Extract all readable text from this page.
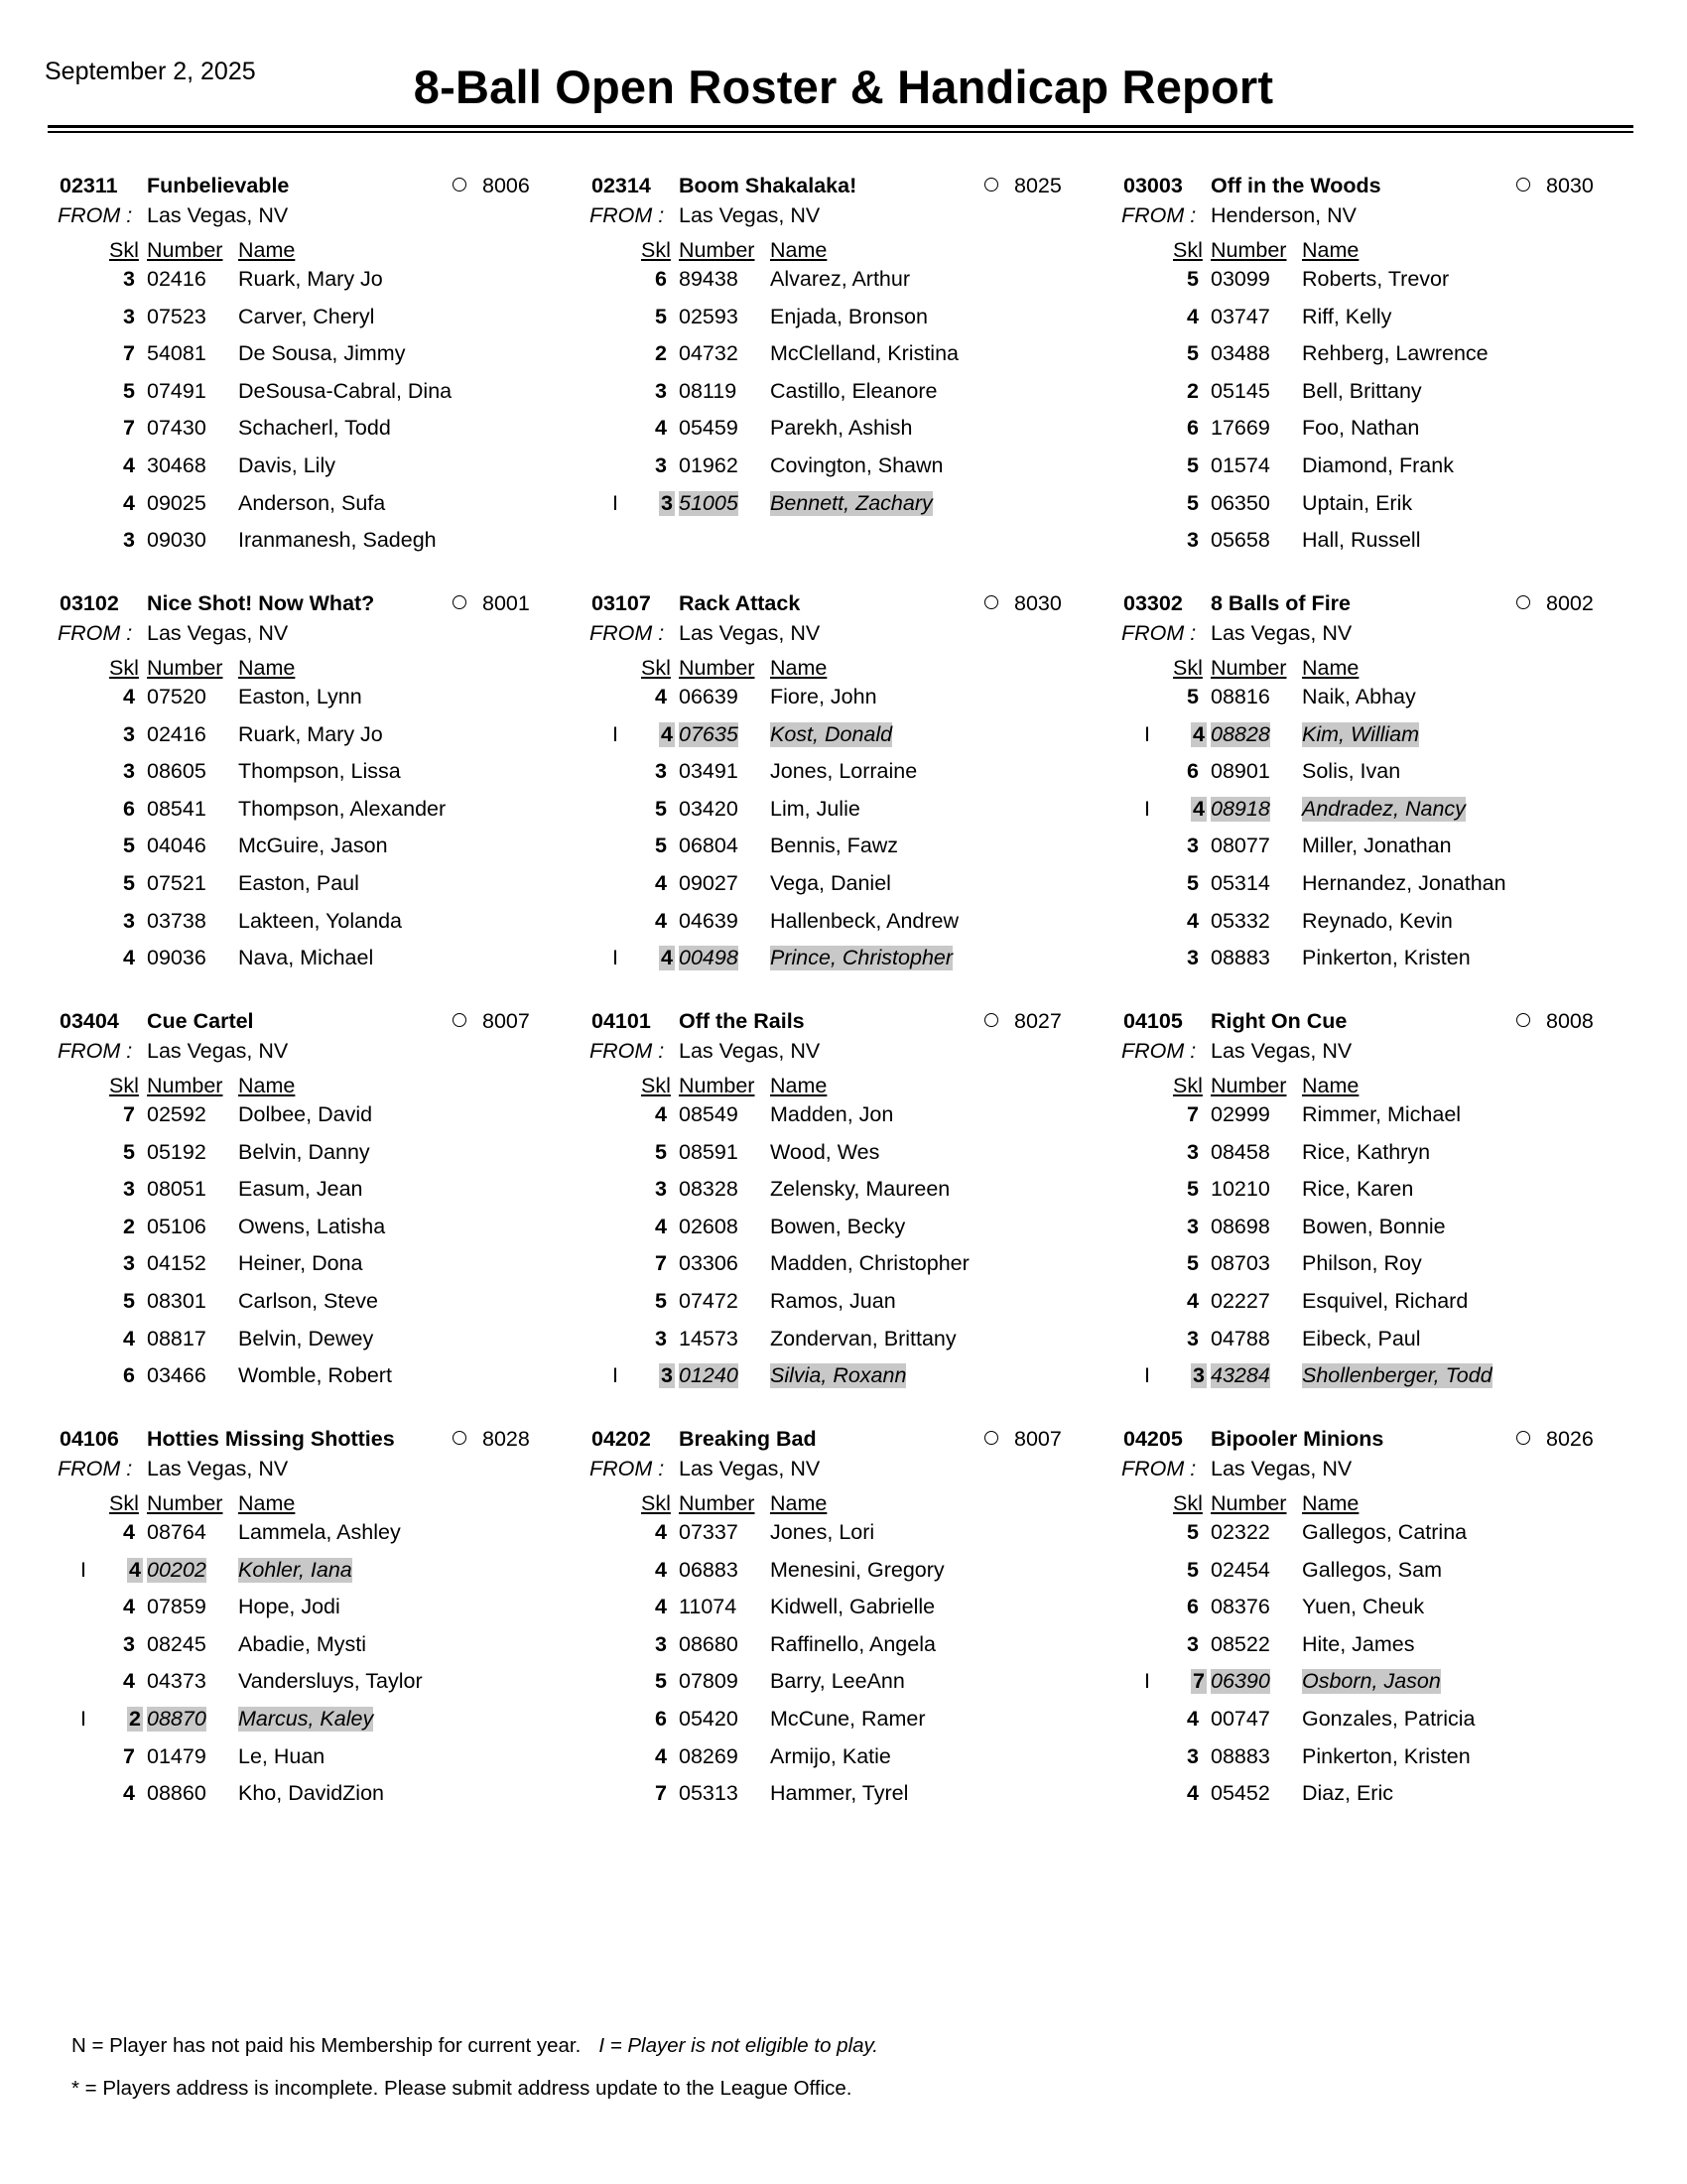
September 2, 2025	8-Ball Open Roster & Handicap Report
02311 Funbelievable	8006
FROM : Las Vegas, NV
Skl Number Name
3 02416 Ruark, Mary Jo
3 07523 Carver, Cheryl
7 54081 De Sousa, Jimmy
5 07491 DeSousa-Cabral, Dina
7 07430 Schacherl, Todd
4 30468 Davis, Lily
4 09025 Anderson, Sufa
3 09030 Iranmanesh, Sadegh
02314 Boom Shakalaka!	8025
FROM : Las Vegas, NV
Skl Number Name
6 89438 Alvarez, Arthur
5 02593 Enjada, Bronson
2 04732 McClelland, Kristina
3 08119 Castillo, Eleanore
4 05459 Parekh, Ashish
3 01962 Covington, Shawn
I 3 51005 Bennett, Zachary
03003 Off in the Woods	8030
FROM : Henderson, NV
Skl Number Name
5 03099 Roberts, Trevor
4 03747 Riff, Kelly
5 03488 Rehberg, Lawrence
2 05145 Bell, Brittany
6 17669 Foo, Nathan
5 01574 Diamond, Frank
5 06350 Uptain, Erik
3 05658 Hall, Russell
03102 Nice Shot! Now What?	8001
FROM : Las Vegas, NV
Skl Number Name
4 07520 Easton, Lynn
3 02416 Ruark, Mary Jo
3 08605 Thompson, Lissa
6 08541 Thompson, Alexander
5 04046 McGuire, Jason
5 07521 Easton, Paul
3 03738 Lakteen, Yolanda
4 09036 Nava, Michael
03107 Rack Attack	8030
FROM : Las Vegas, NV
Skl Number Name
4 06639 Fiore, John
I 4 07635 Kost, Donald
3 03491 Jones, Lorraine
5 03420 Lim, Julie
5 06804 Bennis, Fawz
4 09027 Vega, Daniel
4 04639 Hallenbeck, Andrew
I 4 00498 Prince, Christopher
03302 8 Balls of Fire	8002
FROM : Las Vegas, NV
Skl Number Name
5 08816 Naik, Abhay
I 4 08828 Kim, William
6 08901 Solis, Ivan
I 4 08918 Andradez, Nancy
3 08077 Miller, Jonathan
5 05314 Hernandez, Jonathan
4 05332 Reynado, Kevin
3 08883 Pinkerton, Kristen
03404 Cue Cartel	8007
FROM : Las Vegas, NV
Skl Number Name
7 02592 Dolbee, David
5 05192 Belvin, Danny
3 08051 Easum, Jean
2 05106 Owens, Latisha
3 04152 Heiner, Dona
5 08301 Carlson, Steve
4 08817 Belvin, Dewey
6 03466 Womble, Robert
04101 Off the Rails	8027
FROM : Las Vegas, NV
Skl Number Name
4 08549 Madden, Jon
5 08591 Wood, Wes
3 08328 Zelensky, Maureen
4 02608 Bowen, Becky
7 03306 Madden, Christopher
5 07472 Ramos, Juan
3 14573 Zondervan, Brittany
I 3 01240 Silvia, Roxann
04105 Right On Cue	8008
FROM : Las Vegas, NV
Skl Number Name
7 02999 Rimmer, Michael
3 08458 Rice, Kathryn
5 10210 Rice, Karen
3 08698 Bowen, Bonnie
5 08703 Philson, Roy
4 02227 Esquivel, Richard
3 04788 Eibeck, Paul
I 3 43284 Shollenberger, Todd
04106 Hotties Missing Shotties	8028
FROM : Las Vegas, NV
Skl Number Name
4 08764 Lammela, Ashley
I 4 00202 Kohler, Iana
4 07859 Hope, Jodi
3 08245 Abadie, Mysti
4 04373 Vandersluys, Taylor
I 2 08870 Marcus, Kaley
7 01479 Le, Huan
4 08860 Kho, DavidZion
04202 Breaking Bad	8007
FROM : Las Vegas, NV
Skl Number Name
4 07337 Jones, Lori
4 06883 Menesini, Gregory
4 11074 Kidwell, Gabrielle
3 08680 Raffinello, Angela
5 07809 Barry, LeeAnn
6 05420 McCune, Ramer
4 08269 Armijo, Katie
7 05313 Hammer, Tyrel
04205 Bipooler Minions	8026
FROM : Las Vegas, NV
Skl Number Name
5 02322 Gallegos, Catrina
5 02454 Gallegos, Sam
6 08376 Yuen, Cheuk
3 08522 Hite, James
I 7 06390 Osborn, Jason
4 00747 Gonzales, Patricia
3 08883 Pinkerton, Kristen
4 05452 Diaz, Eric
N = Player has not paid his Membership for current year. I = Player is not eligible to play.
* = Players address is incomplete. Please submit address update to the League Office.
